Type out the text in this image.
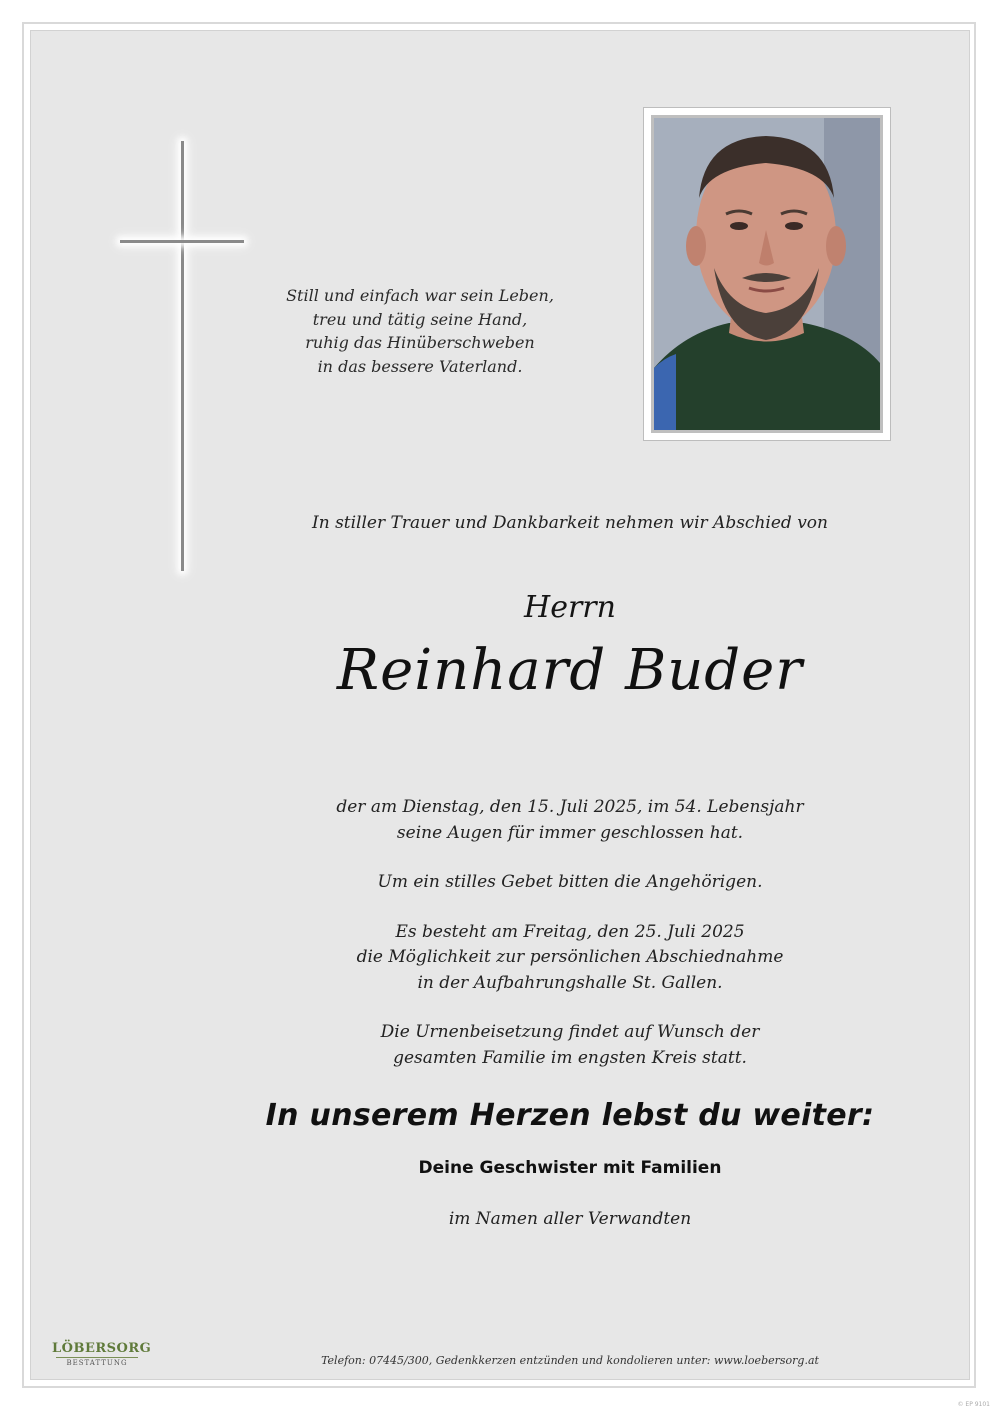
Still und einfach war sein Leben,
treu und tätig seine Hand,
ruhig das Hinüberschweben
in das bessere Vaterland.
In stiller Trauer und Dankbarkeit nehmen wir Abschied von
Herrn
Reinhard Buder

der am Dienstag, den 15. Juli 2025, im 54. Lebensjahr
seine Augen für immer geschlossen hat.

Um ein stilles Gebet bitten die Angehörigen.

Es besteht am Freitag, den 25. Juli 2025
die Möglichkeit zur persönlichen Abschiednahme
in der Aufbahrungshalle St. Gallen.

Die Urnenbeisetzung findet auf Wunsch der
gesamten Familie im engsten Kreis statt.

In unserem Herzen lebst du weiter:
Deine Geschwister mit Familien
im Namen aller Verwandten
LÖBERSORG
BESTATTUNG	Telefon: 07445/300, Gedenkkerzen entzünden und kondolieren unter: www.loebersorg.at
© EP 9101
